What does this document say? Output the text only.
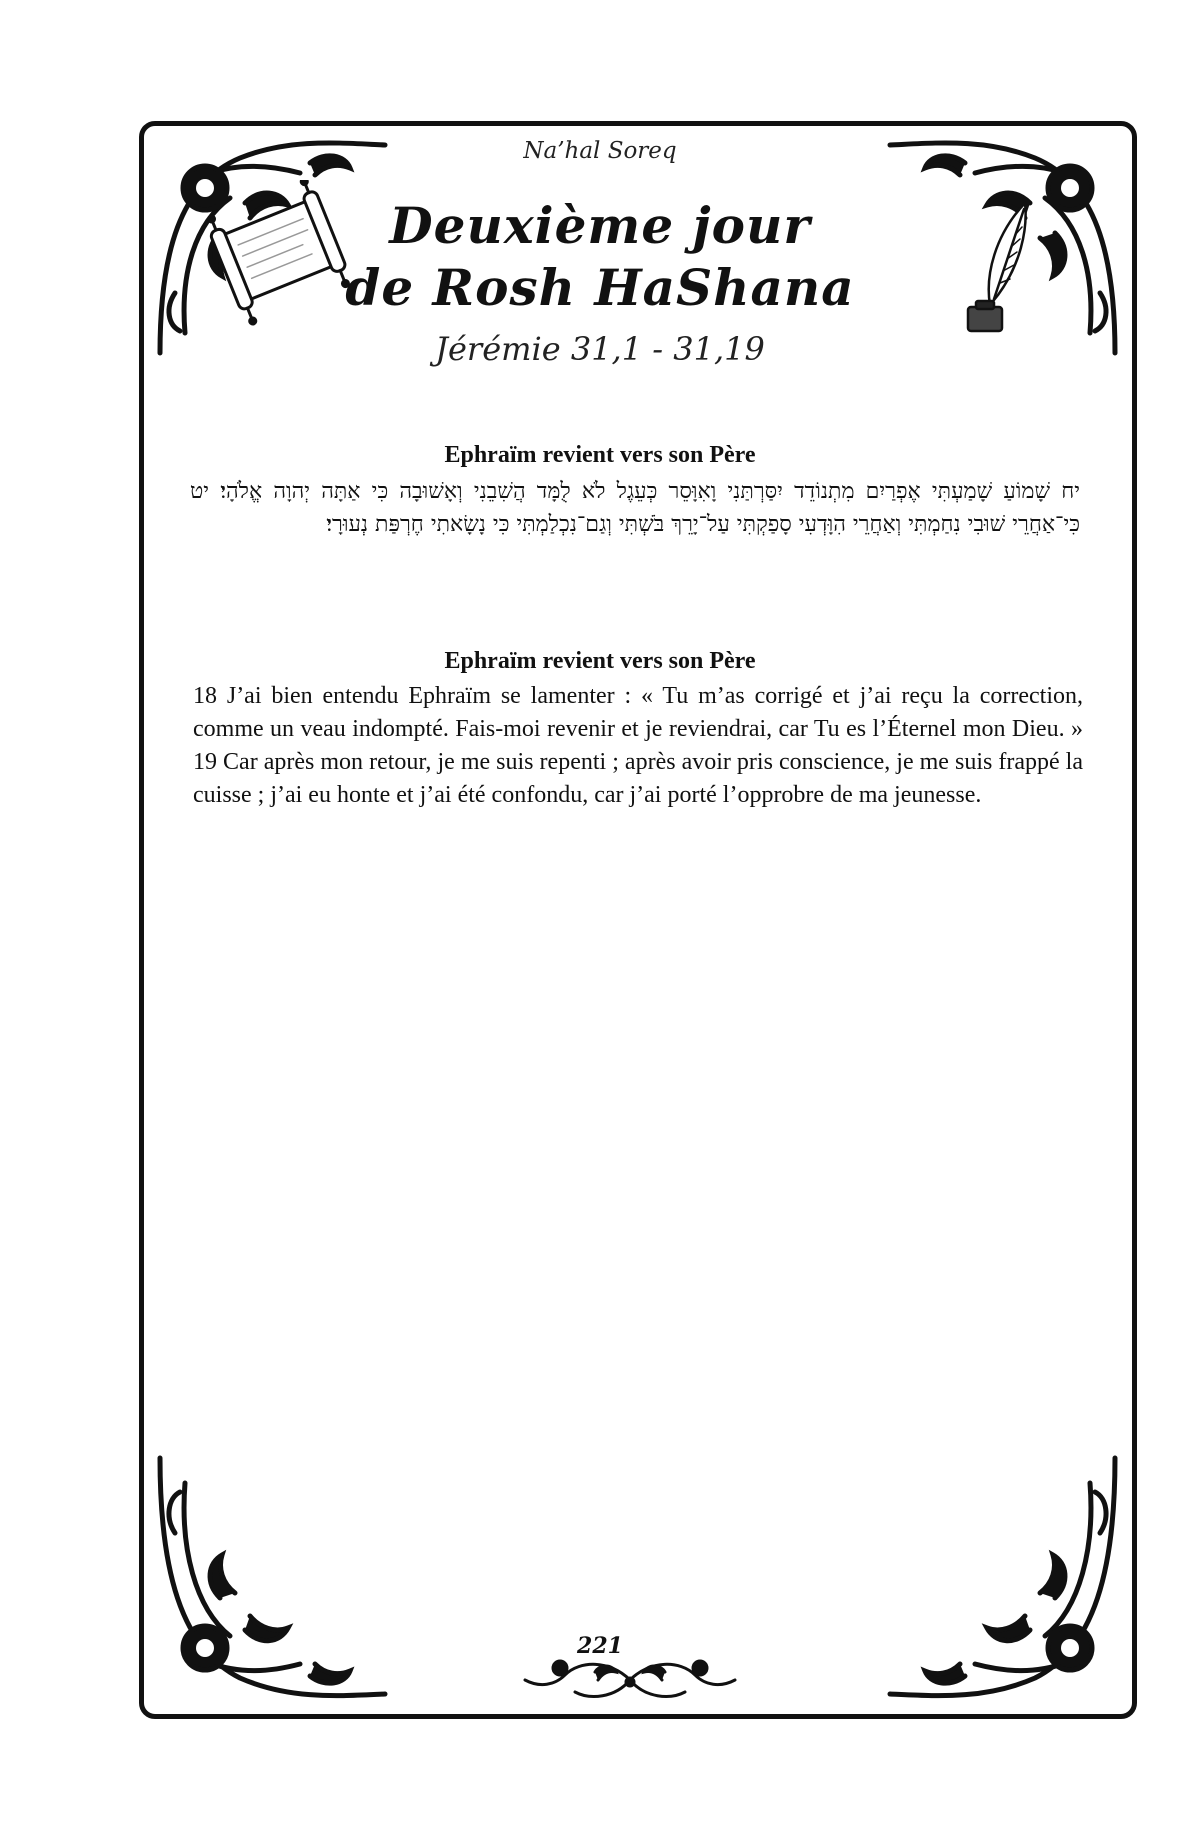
Na’hal Soreq
Deuxième jour
de Rosh HaShana
Jérémie 31,1 - 31,19
Ephraïm revient vers son Père
יח שָׁמוֹעַ שָׁמַעְתִּי אֶפְרַיִם מִתְנוֹדֵד יִסַּרְתַּנִי וָאִוָּסֵר כְּעֵגֶל לֹא לֻמָּד הֲשִׁבֵנִי וְאָשׁוּבָה כִּי אַתָּה יְהוָה אֱלֹהָי׃ יט כִּי־אַחֲרֵי שׁוּבִי נִחַמְתִּי וְאַחֲרֵי הִוָּדְעִי סָפַקְתִּי עַל־יָרֵךְ בֹּשְׁתִּי וְגַם־נִכְלַמְתִּי כִּי נָשָׂאתִי חֶרְפַּת נְעוּרָי׃
Ephraïm revient vers son Père
18 J’ai bien entendu Ephraïm se lamenter : « Tu m’as corrigé et j’ai reçu la correction, comme un veau indompté. Fais-moi revenir et je reviendrai, car Tu es l’Éternel mon Dieu. » 19 Car après mon retour, je me suis repenti ; après avoir pris conscience, je me suis frappé la cuisse ; j’ai eu honte et j’ai été confondu, car j’ai porté l’opprobre de ma jeunesse.
221
